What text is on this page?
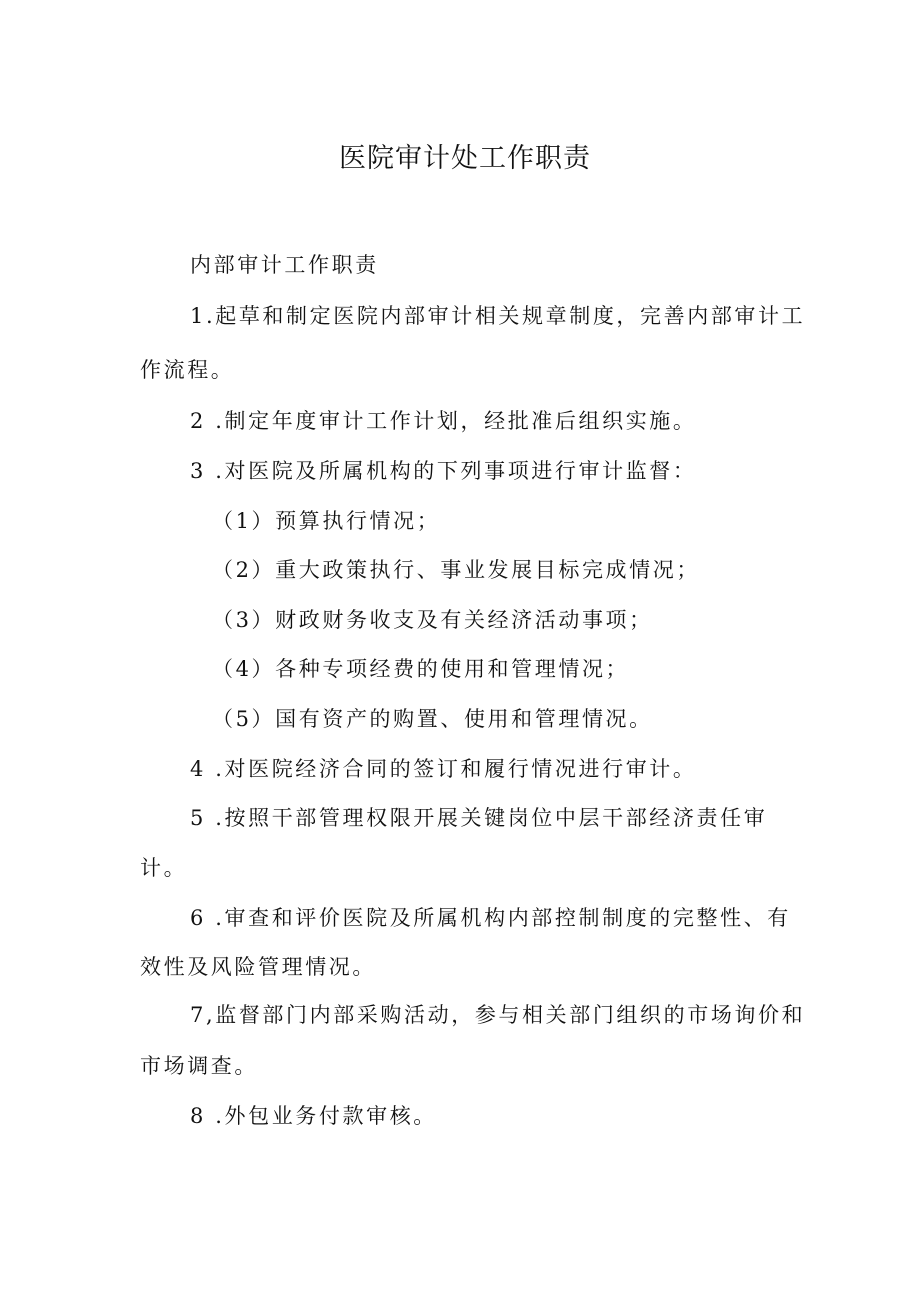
医院审计处工作职责
内部审计工作职责
1.起草和制定医院内部审计相关规章制度，完善内部审计工
作流程。
2 .制定年度审计工作计划，经批准后组织实施。
3 .对医院及所属机构的下列事项进行审计监督：
（1）预算执行情况；
（2）重大政策执行、事业发展目标完成情况；
（3）财政财务收支及有关经济活动事项；
（4）各种专项经费的使用和管理情况；
（5）国有资产的购置、使用和管理情况。
4 .对医院经济合同的签订和履行情况进行审计。
5 .按照干部管理权限开展关键岗位中层干部经济责任审
计。
6 .审查和评价医院及所属机构内部控制制度的完整性、有
效性及风险管理情况。
7,监督部门内部采购活动，参与相关部门组织的市场询价和
市场调查。
8 .外包业务付款审核。
